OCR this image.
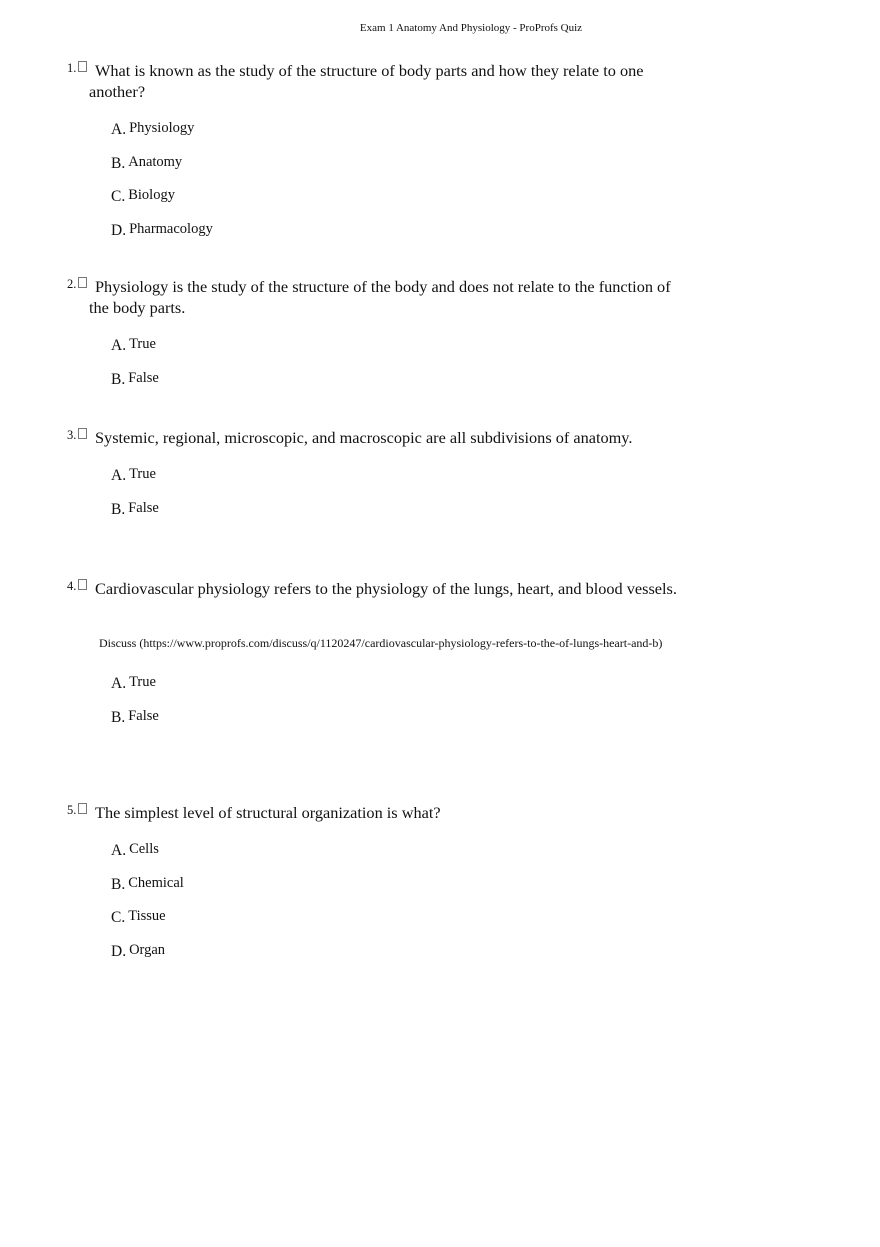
Exam 1 Anatomy And Physiology - ProProfs Quiz
1.	What is known as the study of the structure of body parts and how they relate to one another?
A. Physiology
B. Anatomy
C. Biology
D. Pharmacology
2.	Physiology is the study of the structure of the body and does not relate to the function of the body parts.
A. True
B. False
3.	Systemic, regional, microscopic, and macroscopic are all subdivisions of anatomy.
A. True
B. False
4.	Cardiovascular physiology refers to the physiology of the lungs, heart, and blood vessels.
Discuss (https://www.proprofs.com/discuss/q/1120247/cardiovascular-physiology-refers-to-the-of-lungs-heart-and-b)
A. True
B. False
5.	The simplest level of structural organization is what?
A. Cells
B. Chemical
C. Tissue
D. Organ
